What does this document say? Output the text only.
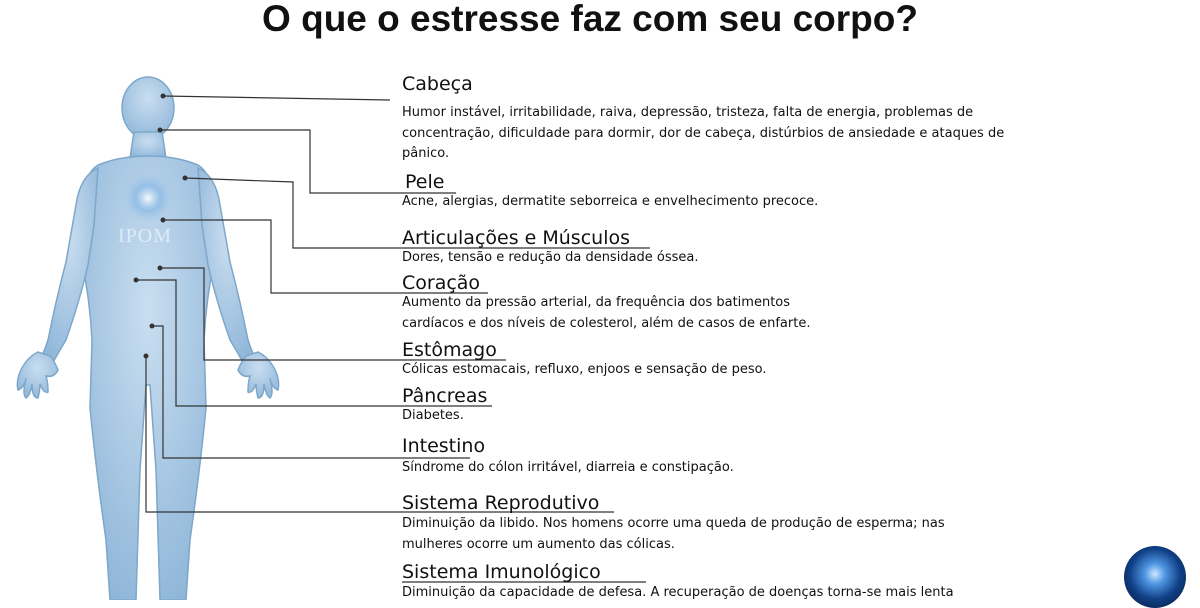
O que o estresse faz com seu corpo?
IPOM
Cabeça
Humor instável, irritabilidade, raiva, depressão, tristeza, falta de energia, problemas de concentração, dificuldade para dormir, dor de cabeça, distúrbios de ansiedade e ataques de pânico.
Pele
Acne, alergias, dermatite seborreica e envelhecimento precoce.
Articulações e Músculos
Dores, tensão e redução da densidade óssea.
Coração
Aumento da pressão arterial, da frequência dos batimentos cardíacos e dos níveis de colesterol, além de casos de enfarte.
Estômago
Cólicas estomacais, refluxo, enjoos e sensação de peso.
Pâncreas
Diabetes.
Intestino
Síndrome do cólon irritável, diarreia e constipação.
Sistema Reprodutivo
Diminuição da libido. Nos homens ocorre uma queda de produção de esperma; nas mulheres ocorre um aumento das cólicas.
Sistema Imunológico
Diminuição da capacidade de defesa. A recuperação de doenças torna-se mais lenta
